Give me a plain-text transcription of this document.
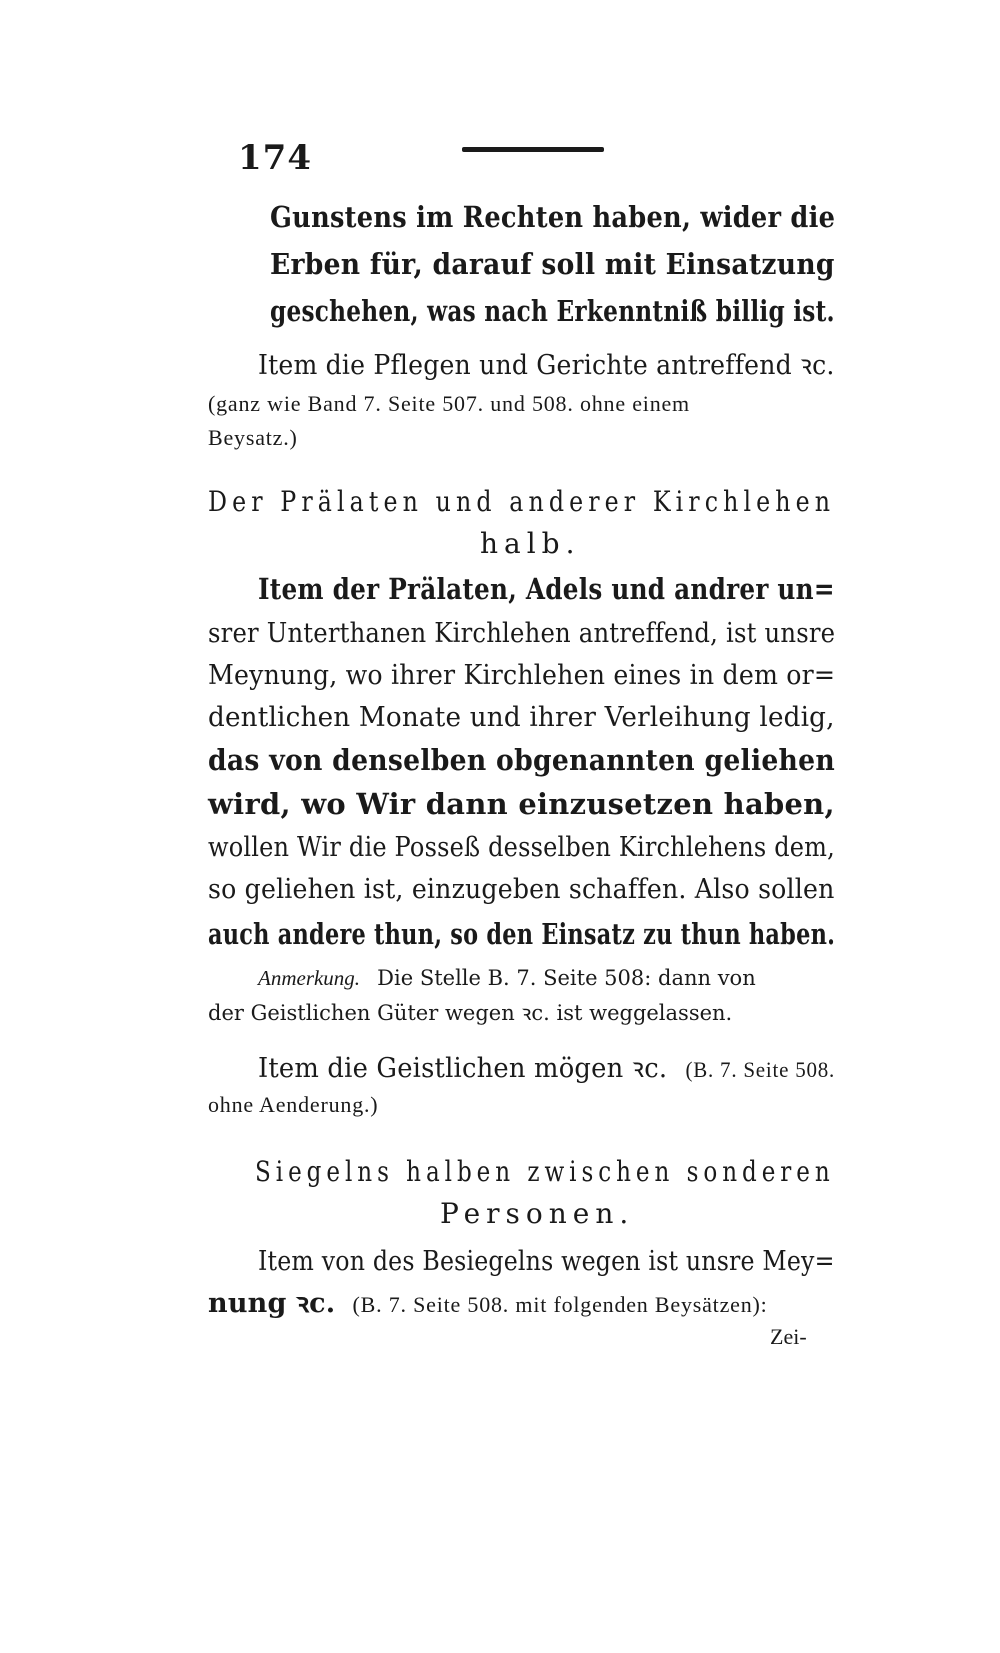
174
Gunstens im Rechten haben, wider die
Erben für, darauf soll mit Einsatzung
geschehen, was nach Erkenntniß billig ist.
Item die Pflegen und Gerichte antreffend ꝛc.
(ganz wie Band 7. Seite 507. und 508. ohne einem
Beysatz.)
Der Prälaten und anderer Kirchlehen
halb.
Item der Prälaten, Adels und andrer un=
srer Unterthanen Kirchlehen antreffend, ist unsre
Meynung, wo ihrer Kirchlehen eines in dem or=
dentlichen Monate und ihrer Verleihung ledig,
das von denselben obgenannten geliehen
wird, wo Wir dann einzusetzen haben,
wollen Wir die Posseß desselben Kirchlehens dem,
so geliehen ist, einzugeben schaffen. Also sollen
auch andere thun, so den Einsatz zu thun haben.
Anmerkung. Die Stelle B. 7. Seite 508: dann von
der Geistlichen Güter wegen ꝛc. ist weggelassen.
Item die Geistlichen mögen ꝛc. (B. 7. Seite 508.
ohne Aenderung.)
Siegelns halben zwischen sonderen
Personen.
Item von des Besiegelns wegen ist unsre Mey=
nung ꝛc. (B. 7. Seite 508. mit folgenden Beysätzen):
Zei-
